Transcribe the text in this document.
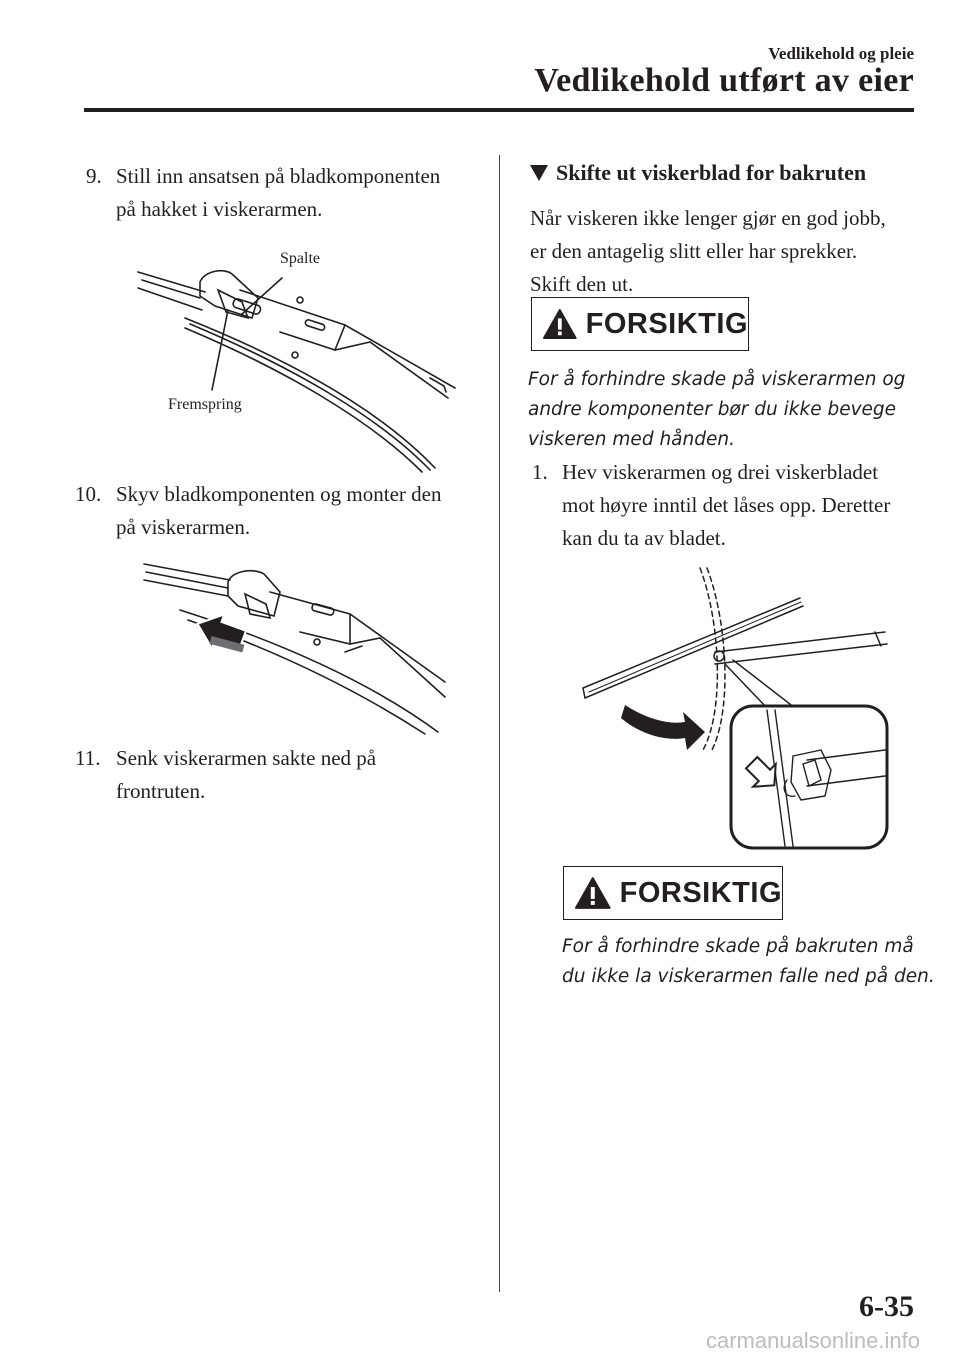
Vedlikehold og pleie
Vedlikehold utført av eier
9. Still inn ansatsen på bladkomponenten
på hakket i viskerarmen.
Spalte
Fremspring
10. Skyv bladkomponenten og monter den
på viskerarmen.
11. Senk viskerarmen sakte ned på
frontruten.
Skifte ut viskerblad for bakruten
Når viskeren ikke lenger gjør en god jobb,
er den antagelig slitt eller har sprekker.
Skift den ut.
FORSIKTIG
For å forhindre skade på viskerarmen og
andre komponenter bør du ikke bevege
viskeren med hånden.
1. Hev viskerarmen og drei viskerbladet
mot høyre inntil det låses opp. Deretter
kan du ta av bladet.
FORSIKTIG
For å forhindre skade på bakruten må
du ikke la viskerarmen falle ned på den.
6-35
carmanualsonline.info
